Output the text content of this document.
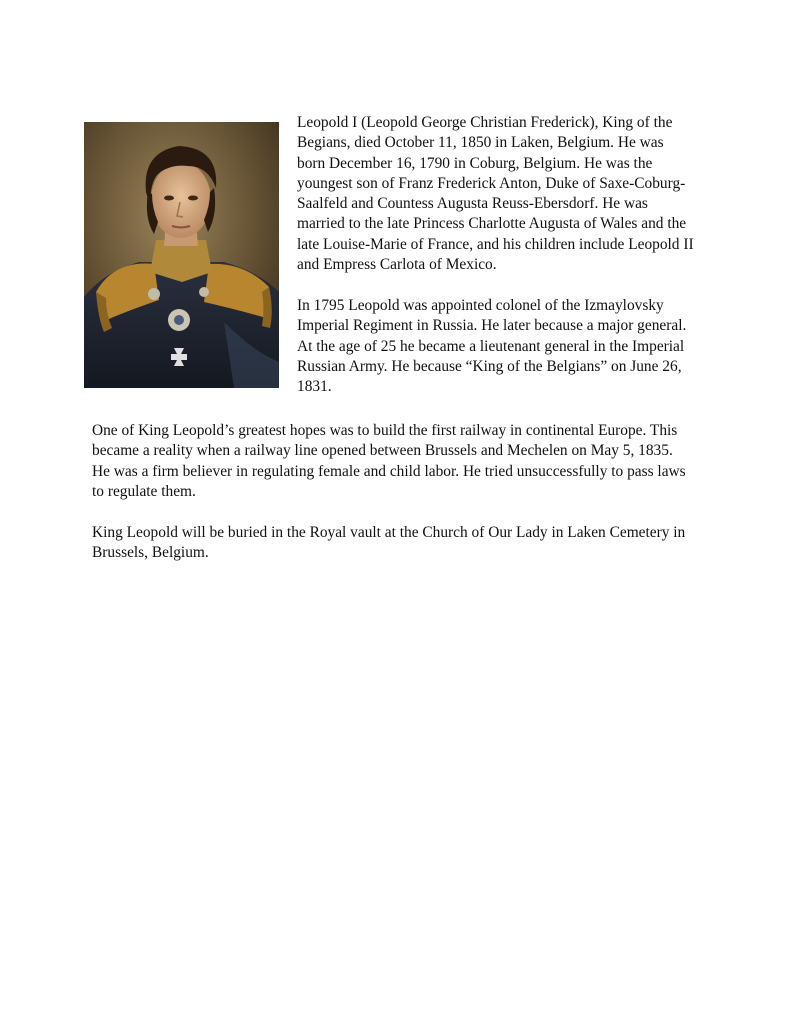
Leopold I (Leopold George Christian Frederick), King of the
Begians, died October 11, 1850 in Laken, Belgium. He was
born December 16, 1790 in Coburg, Belgium. He was the
youngest son of Franz Frederick Anton, Duke of Saxe-Coburg-
Saalfeld and Countess Augusta Reuss-Ebersdorf. He was
married to the late Princess Charlotte Augusta of Wales and the
late Louise-Marie of France, and his children include Leopold II
and Empress Carlota of Mexico.

In 1795 Leopold was appointed colonel of the Izmaylovsky
Imperial Regiment in Russia. He later because a major general.
At the age of 25 he became a lieutenant general in the Imperial
Russian Army. He because “King of the Belgians” on June 26,
1831.

One of King Leopold’s greatest hopes was to build the first railway in continental Europe. This
became a reality when a railway line opened between Brussels and Mechelen on May 5, 1835.
He was a firm believer in regulating female and child labor. He tried unsuccessfully to pass laws
to regulate them.

King Leopold will be buried in the Royal vault at the Church of Our Lady in Laken Cemetery in
Brussels, Belgium.
